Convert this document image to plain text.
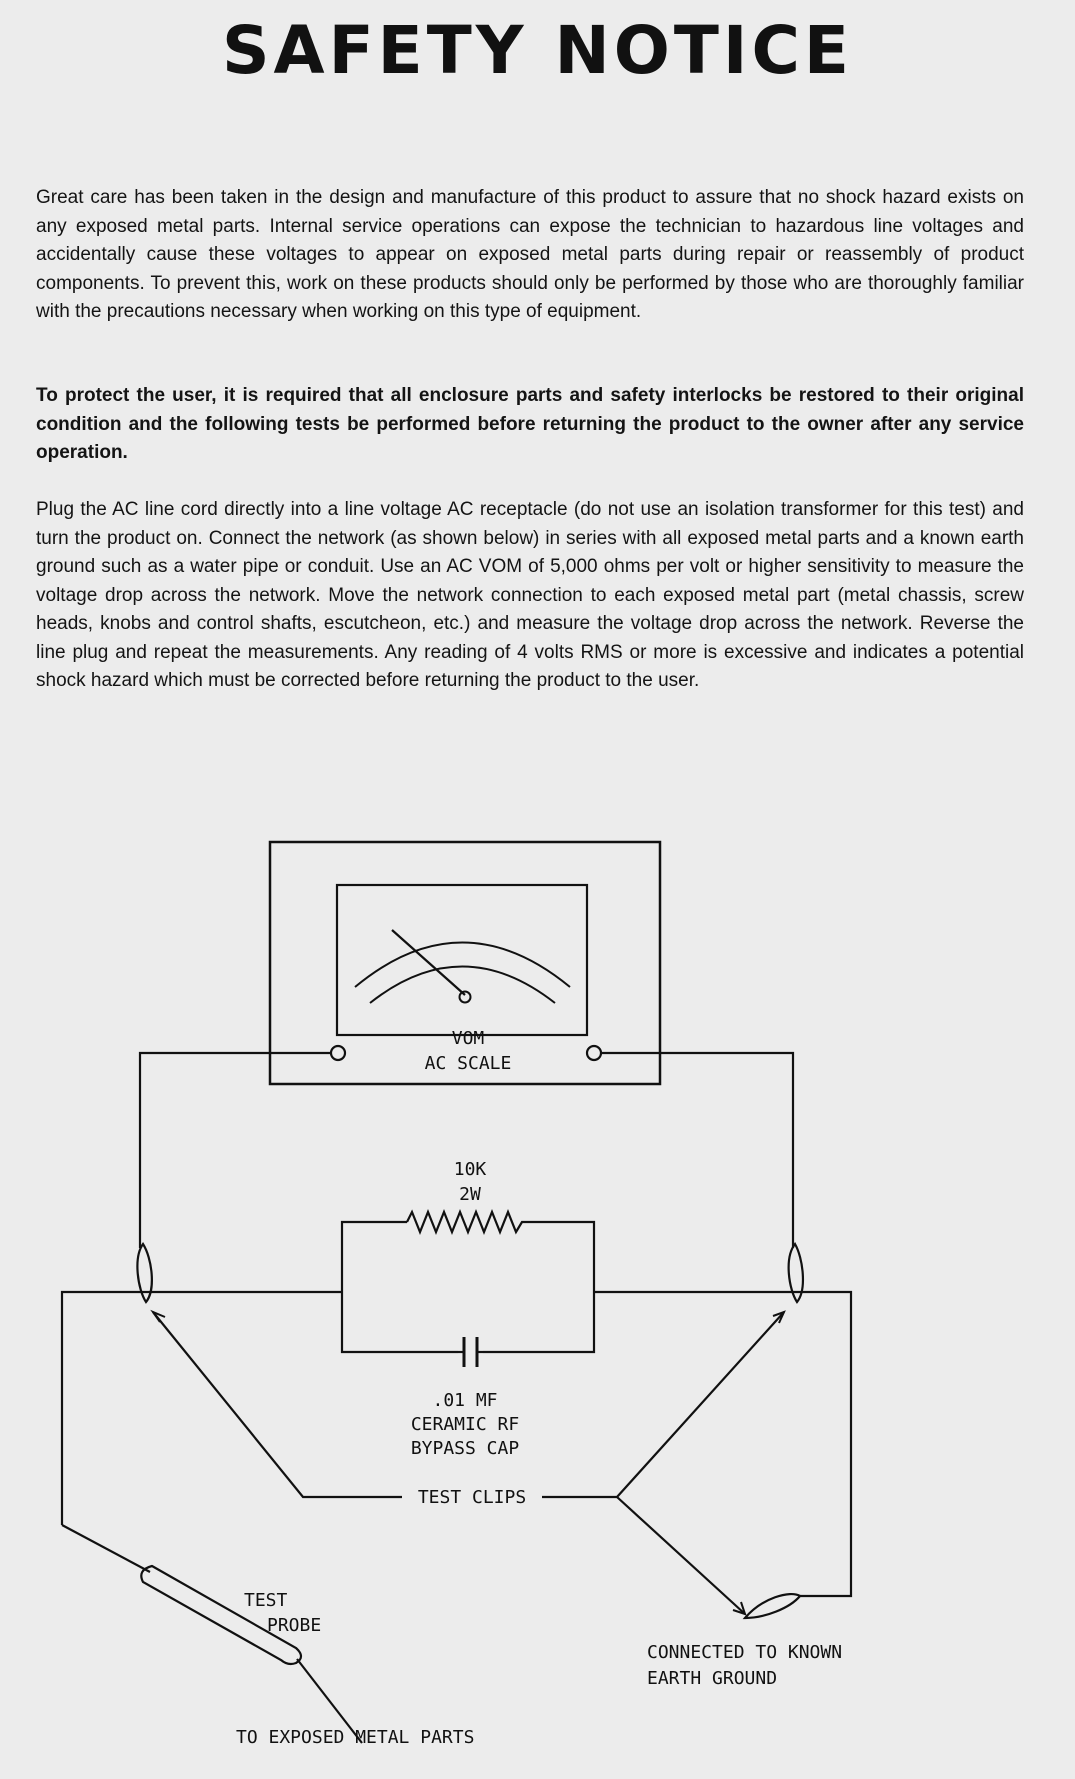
SAFETY NOTICE

Great care has been taken in the design and manufacture of this product to assure that no shock hazard exists on any exposed metal parts. Internal service operations can expose the technician to hazardous line voltages and accidentally cause these voltages to appear on exposed metal parts during repair or reassembly of product components. To prevent this, work on these products should only be performed by those who are thoroughly familiar with the precautions necessary when working on this type of equipment.

To protect the user, it is required that all enclosure parts and safety interlocks be restored to their original condition and the following tests be performed before returning the product to the owner after any service operation.

Plug the AC line cord directly into a line voltage AC receptacle (do not use an isolation transformer for this test) and turn the product on. Connect the network (as shown below) in series with all exposed metal parts and a known earth ground such as a water pipe or conduit. Use an AC VOM of 5,000 ohms per volt or higher sensitivity to measure the voltage drop across the network. Move the network connection to each exposed metal part (metal chassis, screw heads, knobs and control shafts, escutcheon, etc.) and measure the voltage drop across the network. Reverse the line plug and repeat the measurements. Any reading of 4 volts RMS or more is excessive and indicates a potential shock hazard which must be corrected before returning the product to the user.

VOM
AC SCALE
10K
2W
.01 MF
CERAMIC RF
BYPASS CAP
TEST CLIPS
TEST
PROBE
CONNECTED TO KNOWN
EARTH GROUND
TO EXPOSED METAL PARTS
